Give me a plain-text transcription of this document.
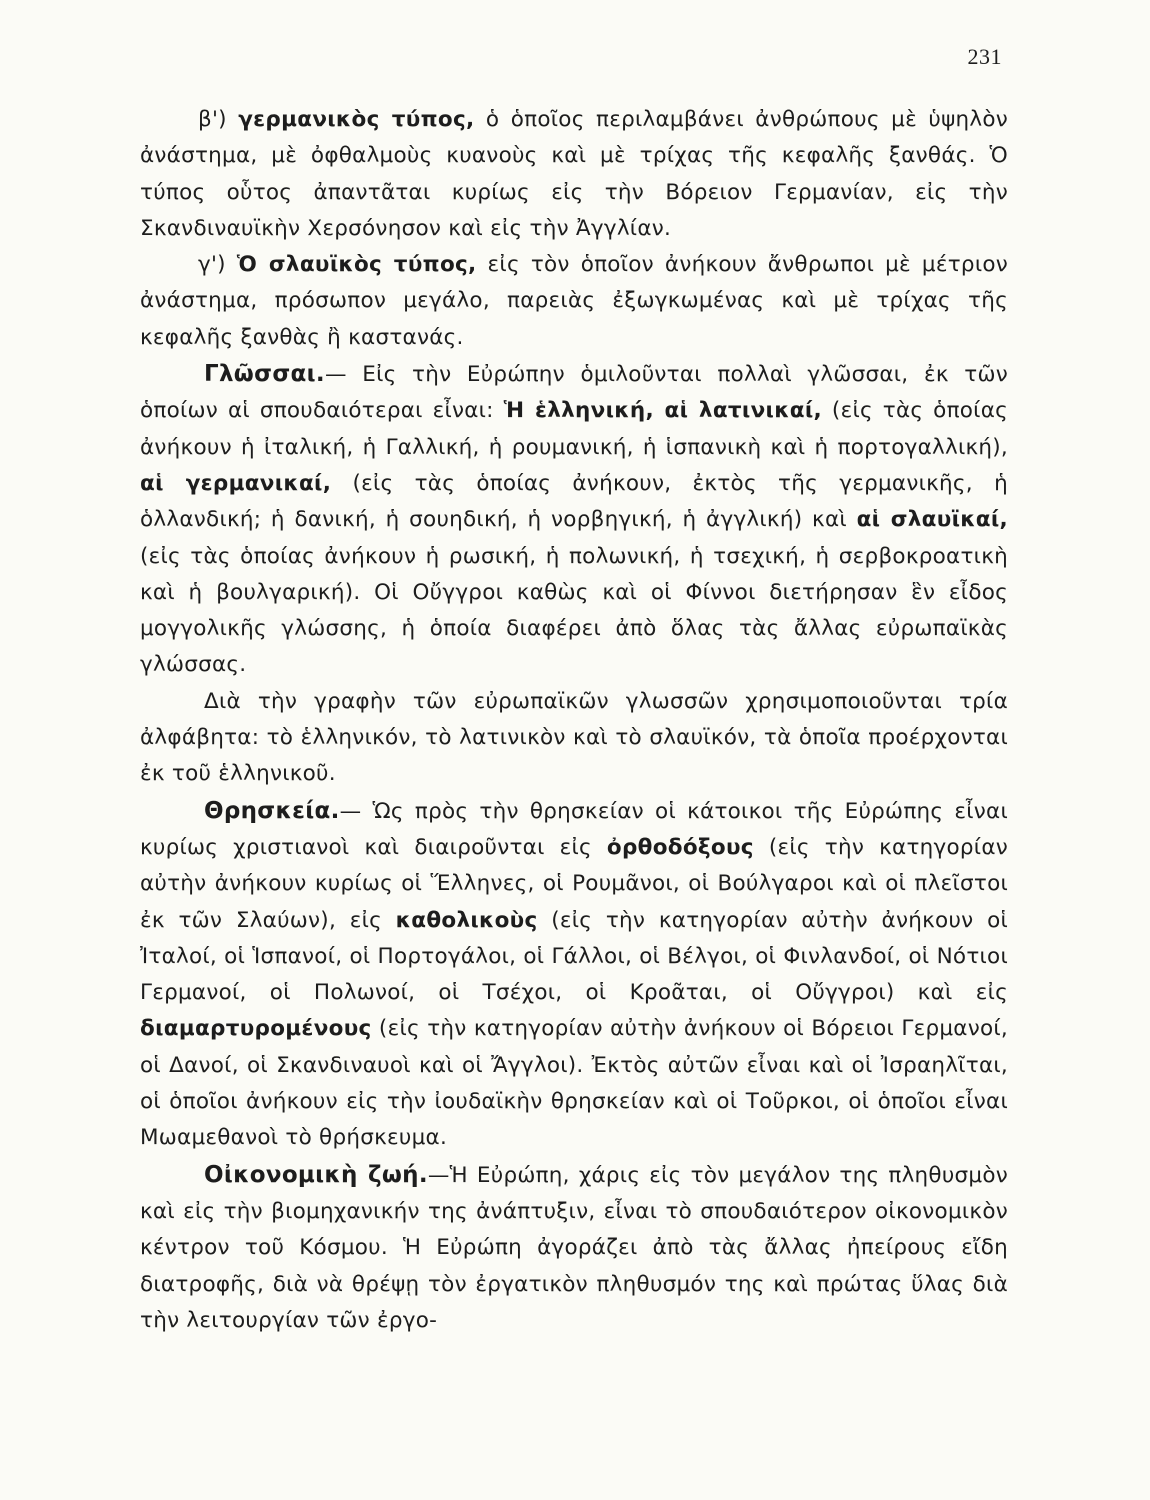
231

β') γερμανικὸς τύπος, ὁ ὁποῖος περιλαμβάνει ἀνθρώπους μὲ ὑψηλὸν ἀνάστημα, μὲ ὀφθαλμοὺς κυανοὺς καὶ μὲ τρίχας τῆς κεφαλῆς ξανθάς. Ὁ τύπος οὗτος ἀπαντᾶται κυρίως εἰς τὴν Βόρειον Γερμανίαν, εἰς τὴν Σκανδιναυϊκὴν Χερσόνησον καὶ εἰς τὴν Ἀγγλίαν.

γ') Ὁ σλαυϊκὸς τύπος, εἰς τὸν ὁποῖον ἀνήκουν ἄνθρωποι μὲ μέτριον ἀνάστημα, πρόσωπον μεγάλο, παρειὰς ἐξωγκωμένας καὶ μὲ τρίχας τῆς κεφαλῆς ξανθὰς ἢ καστανάς.

Γλῶσσαι.— Εἰς τὴν Εὐρώπην ὁμιλοῦνται πολλαὶ γλῶσσαι, ἐκ τῶν ὁποίων αἱ σπουδαιότεραι εἶναι: Ἡ ἑλληνική, αἱ λατινικαί, (εἰς τὰς ὁποίας ἀνήκουν ἡ ἰταλική, ἡ Γαλλική, ἡ ρουμανική, ἡ ἱσπανικὴ καὶ ἡ πορτογαλλική), αἱ γερμανικαί, (εἰς τὰς ὁποίας ἀνήκουν, ἐκτὸς τῆς γερμανικῆς, ἡ ὁλλανδική; ἡ δανική, ἡ σουηδική, ἡ νορβηγική, ἡ ἀγγλική) καὶ αἱ σλαυϊκαί, (εἰς τὰς ὁποίας ἀνήκουν ἡ ρωσική, ἡ πολωνική, ἡ τσεχική, ἡ σερβοκροατικὴ καὶ ἡ βουλγαρική). Οἱ Οὔγγροι καθὼς καὶ οἱ Φίννοι διετήρησαν ἓν εἶδος μογγολικῆς γλώσσης, ἡ ὁποία διαφέρει ἀπὸ ὅλας τὰς ἄλλας εὐρωπαϊκὰς γλώσσας.

Διὰ τὴν γραφὴν τῶν εὐρωπαϊκῶν γλωσσῶν χρησιμοποιοῦνται τρία ἀλφάβητα: τὸ ἑλληνικόν, τὸ λατινικὸν καὶ τὸ σλαυϊκόν, τὰ ὁποῖα προέρχονται ἐκ τοῦ ἑλληνικοῦ.

Θρησκεία.— Ὡς πρὸς τὴν θρησκείαν οἱ κάτοικοι τῆς Εὐρώπης εἶναι κυρίως χριστιανοὶ καὶ διαιροῦνται εἰς ὀρθοδόξους (εἰς τὴν κατηγορίαν αὐτὴν ἀνήκουν κυρίως οἱ Ἕλληνες, οἱ Ρουμᾶνοι, οἱ Βούλγαροι καὶ οἱ πλεῖστοι ἐκ τῶν Σλαύων), εἰς καθολικοὺς (εἰς τὴν κατηγορίαν αὐτὴν ἀνήκουν οἱ Ἰταλοί, οἱ Ἱσπανοί, οἱ Πορτογάλοι, οἱ Γάλλοι, οἱ Βέλγοι, οἱ Φινλανδοί, οἱ Νότιοι Γερμανοί, οἱ Πολωνοί, οἱ Τσέχοι, οἱ Κροᾶται, οἱ Οὔγγροι) καὶ εἰς διαμαρτυρομένους (εἰς τὴν κατηγορίαν αὐτὴν ἀνήκουν οἱ Βόρειοι Γερμανοί, οἱ Δανοί, οἱ Σκανδιναυοὶ καὶ οἱ Ἄγγλοι). Ἐκτὸς αὐτῶν εἶναι καὶ οἱ Ἰσραηλῖται, οἱ ὁποῖοι ἀνήκουν εἰς τὴν ἰουδαϊκὴν θρησκείαν καὶ οἱ Τοῦρκοι, οἱ ὁποῖοι εἶναι Μωαμεθανοὶ τὸ θρήσκευμα.

Οἰκονομικὴ ζωή.—Ἡ Εὐρώπη, χάρις εἰς τὸν μεγάλον της πληθυσμὸν καὶ εἰς τὴν βιομηχανικήν της ἀνάπτυξιν, εἶναι τὸ σπουδαιότερον οἰκονομικὸν κέντρον τοῦ Κόσμου. Ἡ Εὐρώπη ἀγοράζει ἀπὸ τὰς ἄλλας ἠπείρους εἴδη διατροφῆς, διὰ νὰ θρέψῃ τὸν ἐργατικὸν πληθυσμόν της καὶ πρώτας ὕλας διὰ τὴν λειτουργίαν τῶν ἐργο-
